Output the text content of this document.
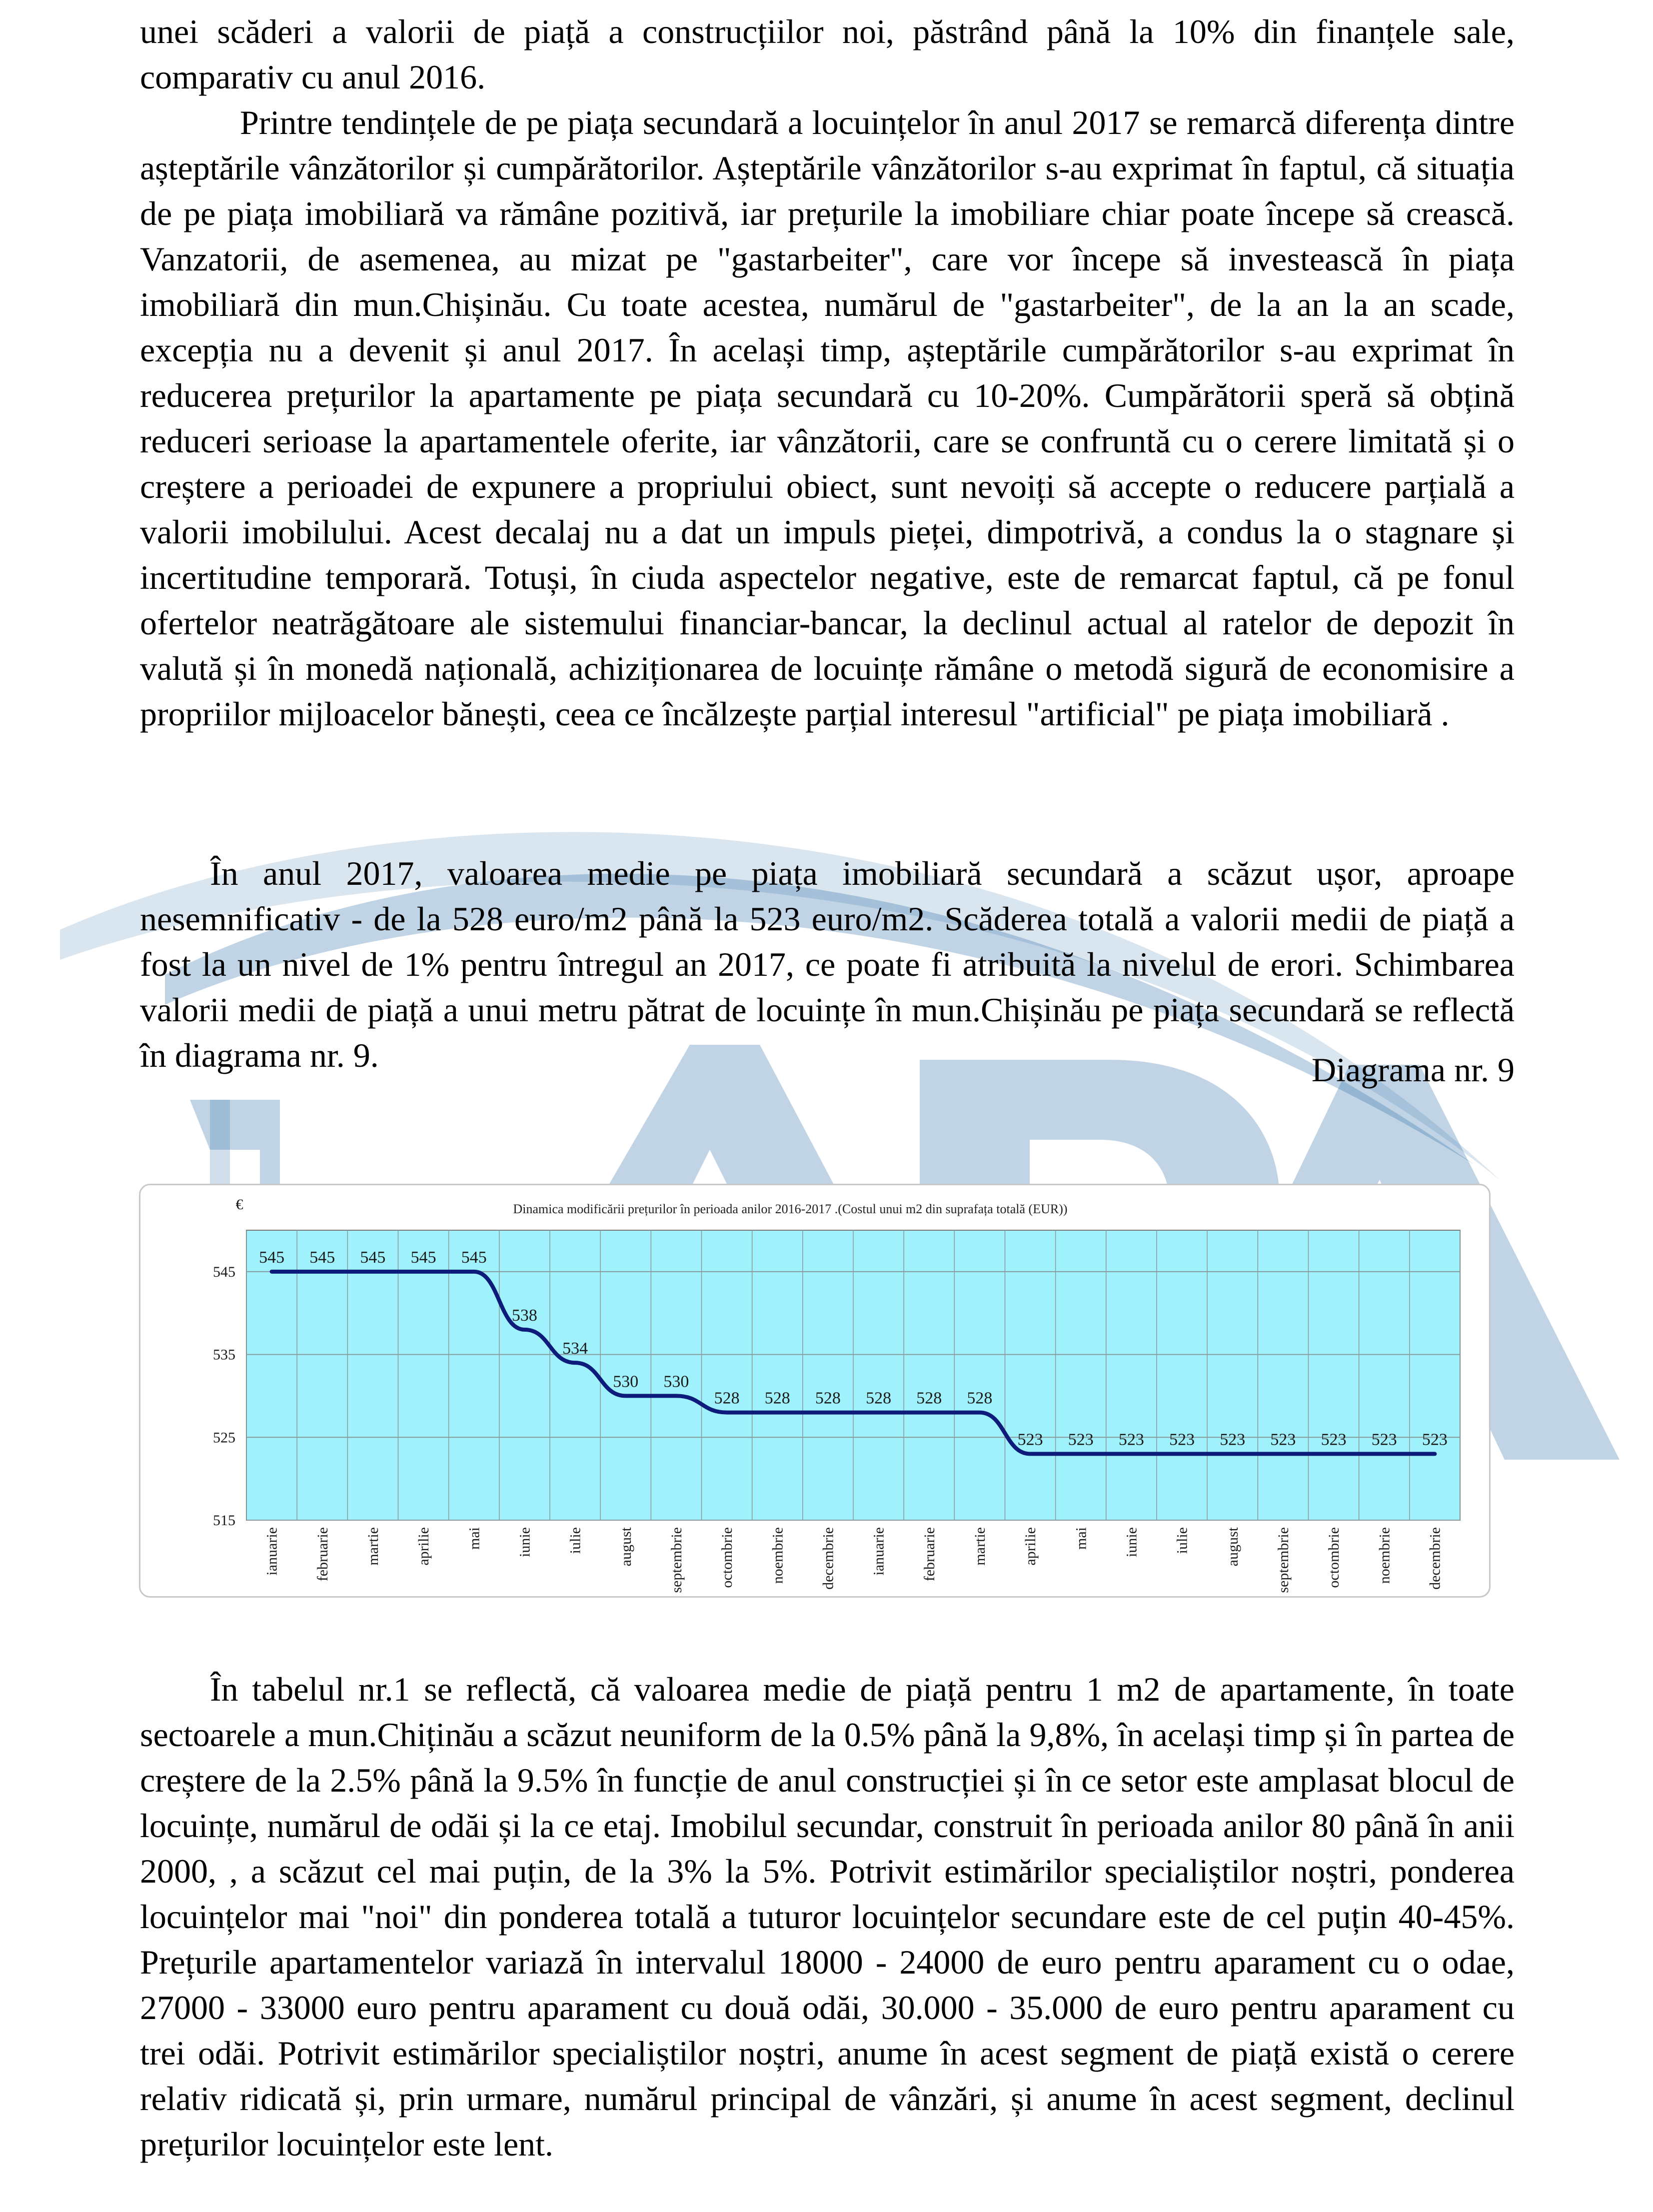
unei scăderi a valorii de piață a construcțiilor noi, păstrând până la 10% din finanțele sale, comparativ cu anul 2016.

Printre tendințele de pe piața secundară a locuințelor în anul 2017 se remarcă diferența dintre așteptările vânzătorilor și cumpărătorilor. Așteptările vânzătorilor s-au exprimat în faptul, că situația de pe piața imobiliară va rămâne pozitivă, iar prețurile la imobiliare chiar poate începe să crească. Vanzatorii, de asemenea, au mizat pe "gastarbeiter", care vor începe să investească în piața imobiliară din mun.Chișinău. Cu toate acestea, numărul de "gastarbeiter", de la an la an scade, excepția nu a devenit și anul 2017. În același timp, așteptările cumpărătorilor s-au exprimat în reducerea prețurilor la apartamente pe piața secundară cu 10-20%. Cumpărătorii speră să obțină reduceri serioase la apartamentele oferite, iar vânzătorii, care se confruntă cu o cerere limitată și o creștere a perioadei de expunere a propriului obiect, sunt nevoiți să accepte o reducere parțială a valorii imobilului. Acest decalaj nu a dat un impuls pieței, dimpotrivă, a condus la o stagnare și incertitudine temporară. Totuși, în ciuda aspectelor negative, este de remarcat faptul, că pe fonul ofertelor neatrăgătoare ale sistemului financiar-bancar, la declinul actual al ratelor de depozit în valută și în monedă națională, achiziționarea de locuințe rămâne o metodă sigură de economisire a propriilor mijloacelor bănești, ceea ce încălzește parțial interesul "artificial" pe piața imobiliară .

În anul 2017, valoarea medie pe piața imobiliară secundară a scăzut ușor, aproape nesemnificativ - de la 528 euro/m2 până la 523 euro/m2. Scăderea totală a valorii medii de piață a fost la un nivel de 1% pentru întregul an 2017, ce poate fi atribuită la nivelul de erori. Schimbarea valorii medii de piață a unui metru pătrat de locuințe în mun.Chișinău pe piața secundară se reflectă în diagrama nr. 9.	Diagrama nr. 9

Dinamica modificării prețurilor în perioada anilor 2016-2017 .(Costul unui m2 din suprafața totală (EUR))
€
515
525
535
545
545 545 545 545 545
538
534
530 530
528 528 528 528 528 528
523 523 523 523 523 523 523 523 523
ianuarie februarie martie aprilie mai iunie iulie august septembrie octombrie noembrie decembrie ianuarie februarie martie aprilie mai iunie iulie august septembrie octombrie noembrie decembrie

În tabelul nr.1 se reflectă, că valoarea medie de piață pentru 1 m2 de apartamente, în toate sectoarele a mun.Chiținău a scăzut neuniform de la 0.5% până la 9,8%, în același timp și în partea de creștere de la 2.5% până la 9.5% în funcție de anul construcției și în ce setor este amplasat blocul de locuințe, numărul de odăi și la ce etaj. Imobilul secundar, construit în perioada anilor 80 până în anii 2000, , a scăzut cel mai puțin, de la 3% la 5%. Potrivit estimărilor specialiștilor noștri, ponderea locuințelor mai "noi" din ponderea totală a tuturor locuințelor secundare este de cel puțin 40-45%. Prețurile apartamentelor variază în intervalul 18000 - 24000 de euro pentru aparament cu o odae, 27000 - 33000 euro pentru aparament cu două odăi, 30.000 - 35.000 de euro pentru aparament cu trei odăi. Potrivit estimărilor specialiștilor noștri, anume în acest segment de piață există o cerere relativ ridicată și, prin urmare, numărul principal de vânzări, și anume în acest segment, declinul prețurilor locuințelor este lent.
